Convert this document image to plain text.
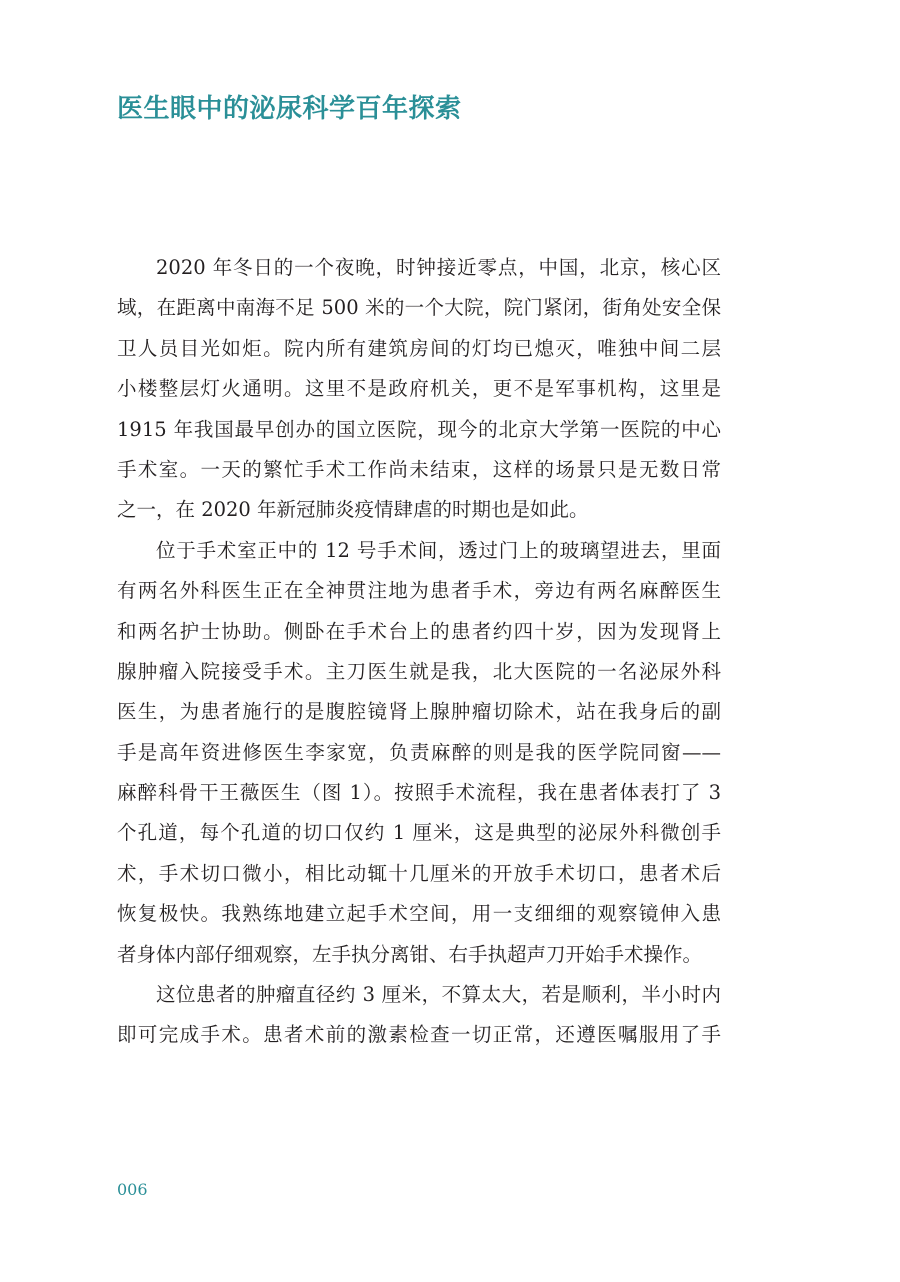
医生眼中的泌尿科学百年探索
2020 年冬日的一个夜晚，时钟接近零点，中国，北京，核心区
域，在距离中南海不足 500 米的一个大院，院门紧闭，街角处安全保
卫人员目光如炬。院内所有建筑房间的灯均已熄灭，唯独中间二层
小楼整层灯火通明。这里不是政府机关，更不是军事机构，这里是
1915 年我国最早创办的国立医院，现今的北京大学第一医院的中心
手术室。一天的繁忙手术工作尚未结束，这样的场景只是无数日常
之一，在 2020 年新冠肺炎疫情肆虐的时期也是如此。
位于手术室正中的 12 号手术间，透过门上的玻璃望进去，里面
有两名外科医生正在全神贯注地为患者手术，旁边有两名麻醉医生
和两名护士协助。侧卧在手术台上的患者约四十岁，因为发现肾上
腺肿瘤入院接受手术。主刀医生就是我，北大医院的一名泌尿外科
医生，为患者施行的是腹腔镜肾上腺肿瘤切除术，站在我身后的副
手是高年资进修医生李家宽，负责麻醉的则是我的医学院同窗——
麻醉科骨干王薇医生（图 1）。按照手术流程，我在患者体表打了 3
个孔道，每个孔道的切口仅约 1 厘米，这是典型的泌尿外科微创手
术，手术切口微小，相比动辄十几厘米的开放手术切口，患者术后
恢复极快。我熟练地建立起手术空间，用一支细细的观察镜伸入患
者身体内部仔细观察，左手执分离钳、右手执超声刀开始手术操作。
这位患者的肿瘤直径约 3 厘米，不算太大，若是顺利，半小时内
即可完成手术。患者术前的激素检查一切正常，还遵医嘱服用了手

006
